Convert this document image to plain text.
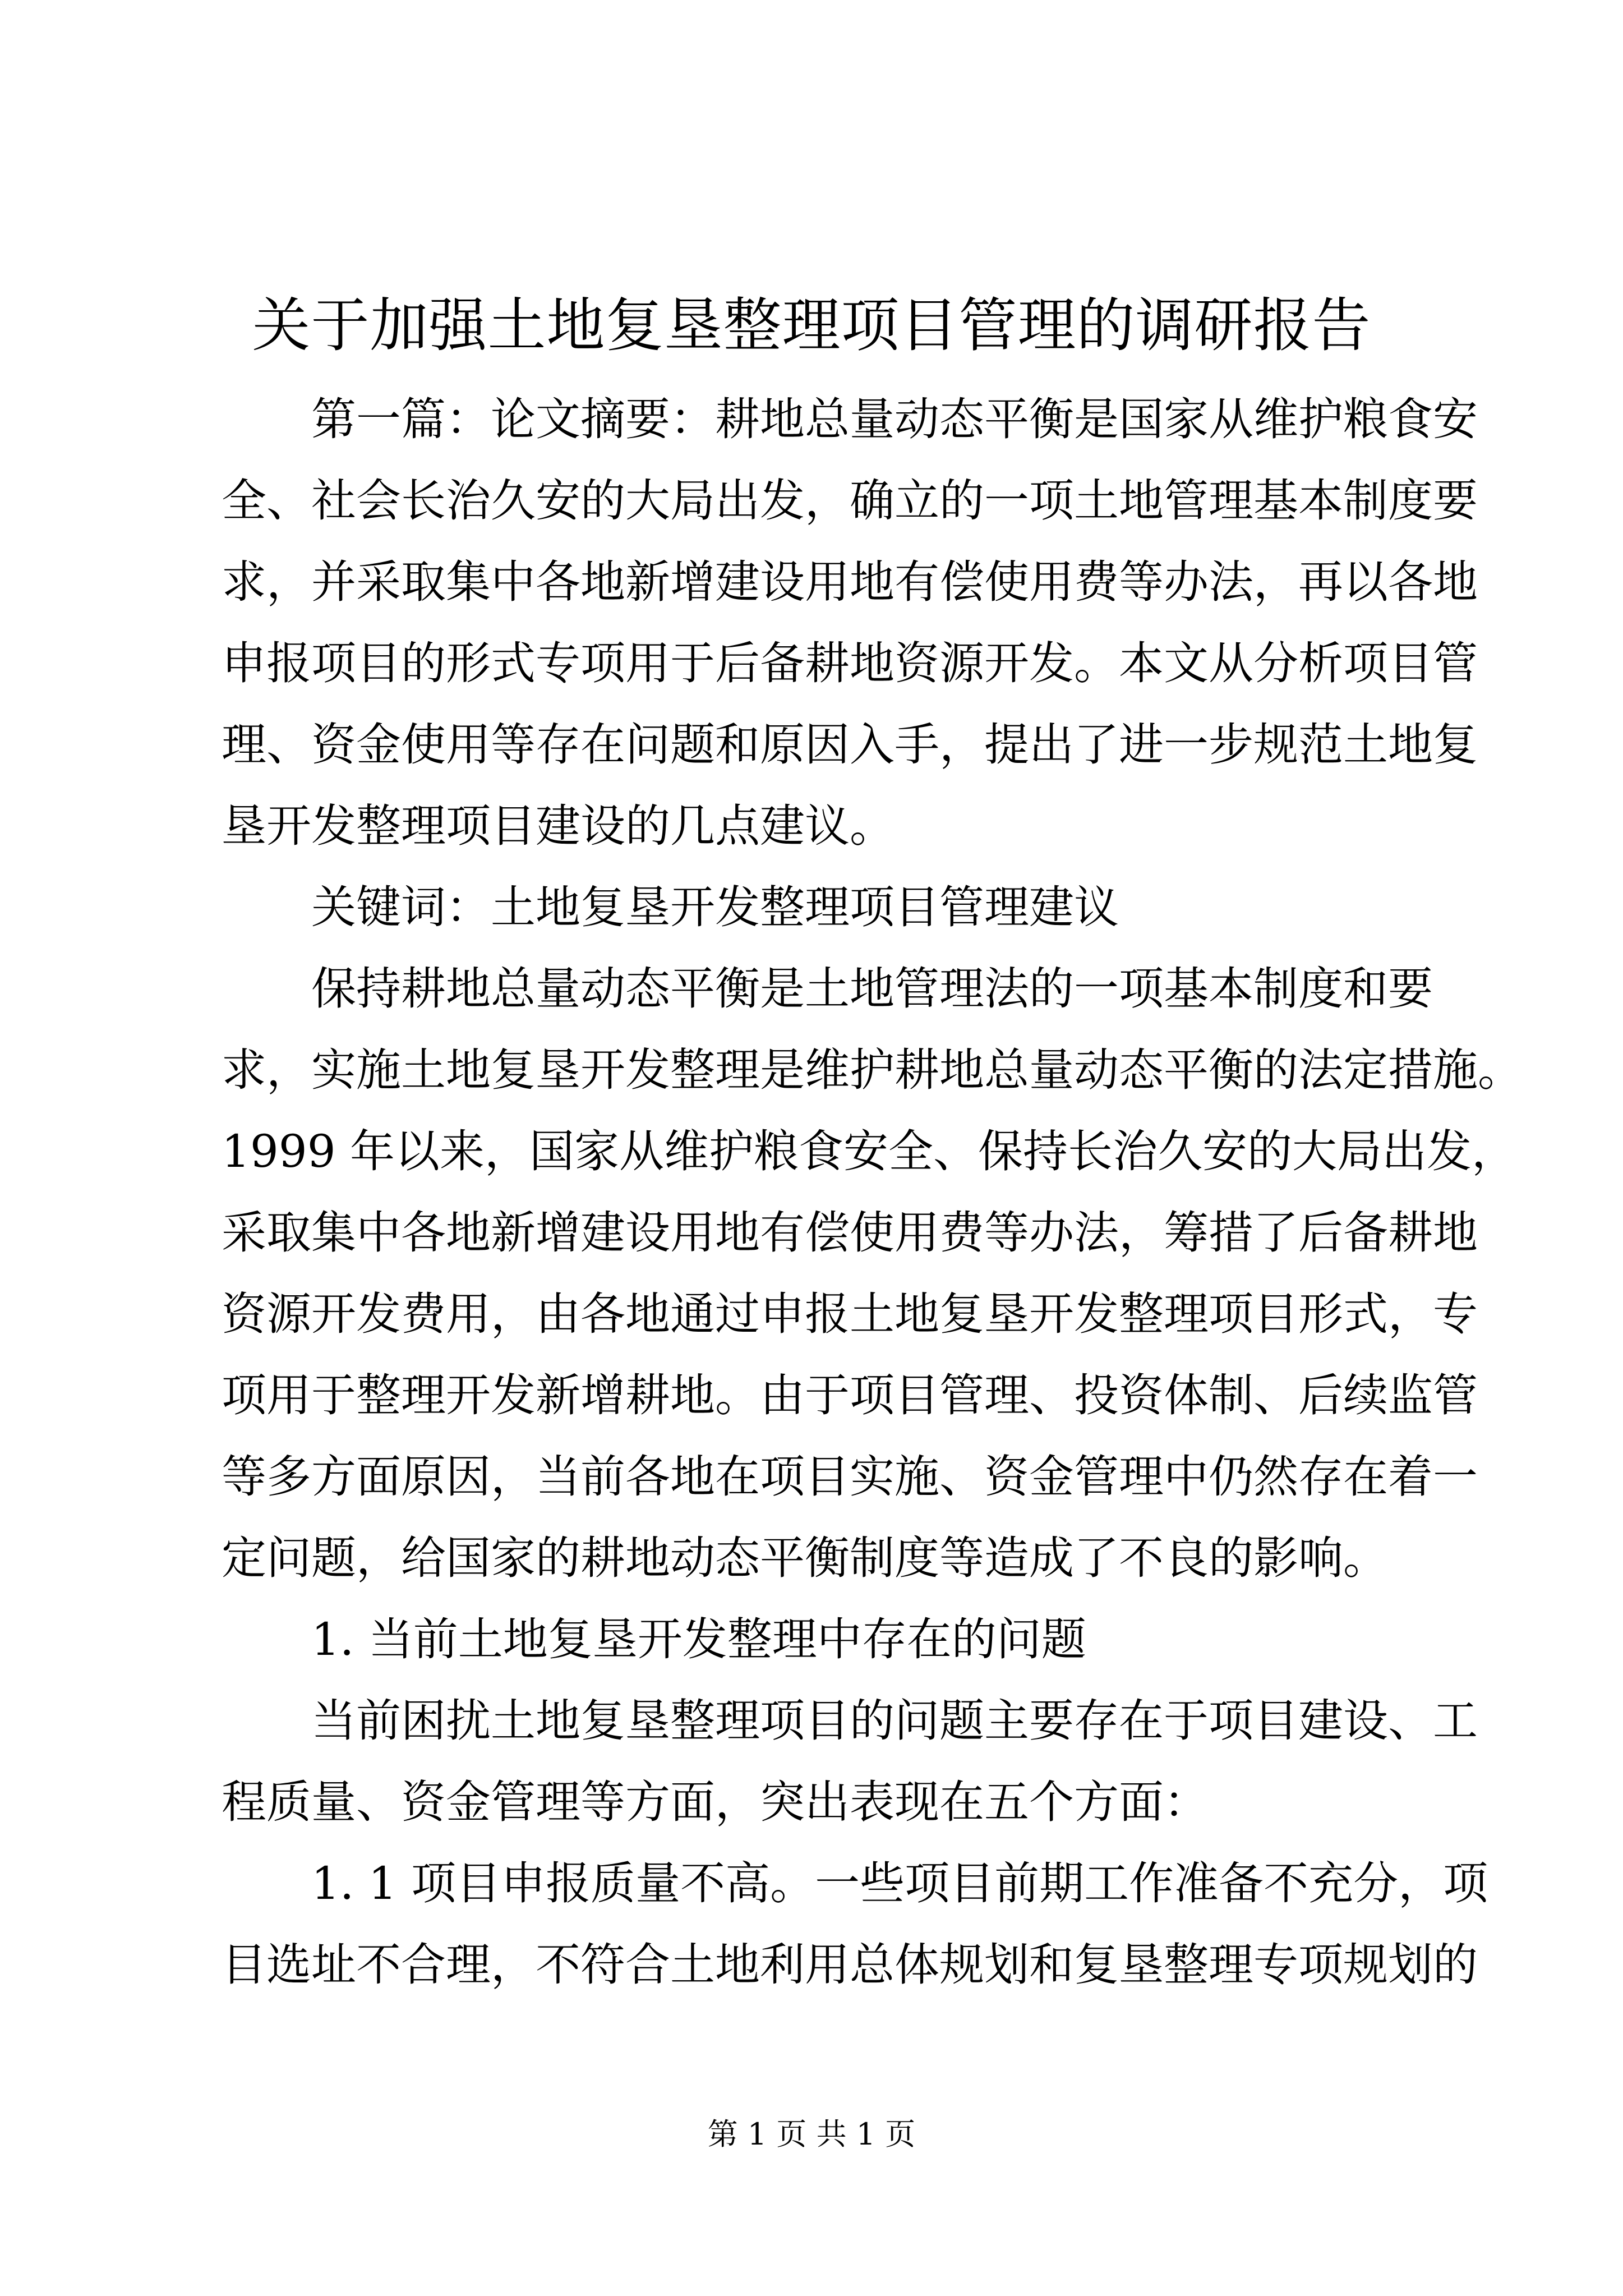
关于加强土地复垦整理项目管理的调研报告
第一篇：论文摘要：耕地总量动态平衡是国家从维护粮食安
全、社会长治久安的大局出发，确立的一项土地管理基本制度要
求，并采取集中各地新增建设用地有偿使用费等办法，再以各地
申报项目的形式专项用于后备耕地资源开发。本文从分析项目管
理、资金使用等存在问题和原因入手，提出了进一步规范土地复
垦开发整理项目建设的几点建议。
关键词：土地复垦开发整理项目管理建议
保持耕地总量动态平衡是土地管理法的一项基本制度和要
求，实施土地复垦开发整理是维护耕地总量动态平衡的法定措施。
1999 年以来，国家从维护粮食安全、保持长治久安的大局出发，
采取集中各地新增建设用地有偿使用费等办法，筹措了后备耕地
资源开发费用，由各地通过申报土地复垦开发整理项目形式，专
项用于整理开发新增耕地。由于项目管理、投资体制、后续监管
等多方面原因，当前各地在项目实施、资金管理中仍然存在着一
定问题，给国家的耕地动态平衡制度等造成了不良的影响。
1. 当前土地复垦开发整理中存在的问题
当前困扰土地复垦整理项目的问题主要存在于项目建设、工
程质量、资金管理等方面，突出表现在五个方面：
1. 1 项目申报质量不高。一些项目前期工作准备不充分，项
目选址不合理，不符合土地利用总体规划和复垦整理专项规划的
第 1 页 共 1 页
